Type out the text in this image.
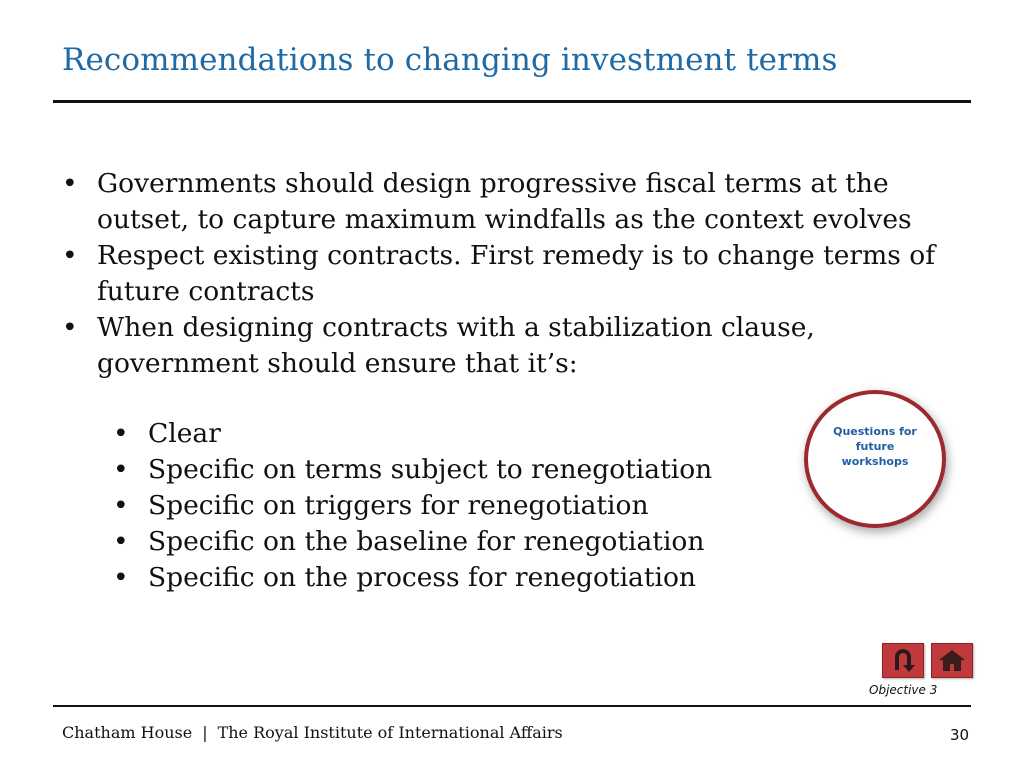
Recommendations to changing investment terms
• Governments should design progressive fiscal terms at the outset, to capture maximum windfalls as the context evolves
• Respect existing contracts. First remedy is to change terms of future contracts
• When designing contracts with a stabilization clause, government should ensure that it’s:
• Clear
• Specific on terms subject to renegotiation
• Specific on triggers for renegotiation
• Specific on the baseline for renegotiation
• Specific on the process for renegotiation
Questions for future workshops
Objective 3
Chatham House | The Royal Institute of International Affairs	30
